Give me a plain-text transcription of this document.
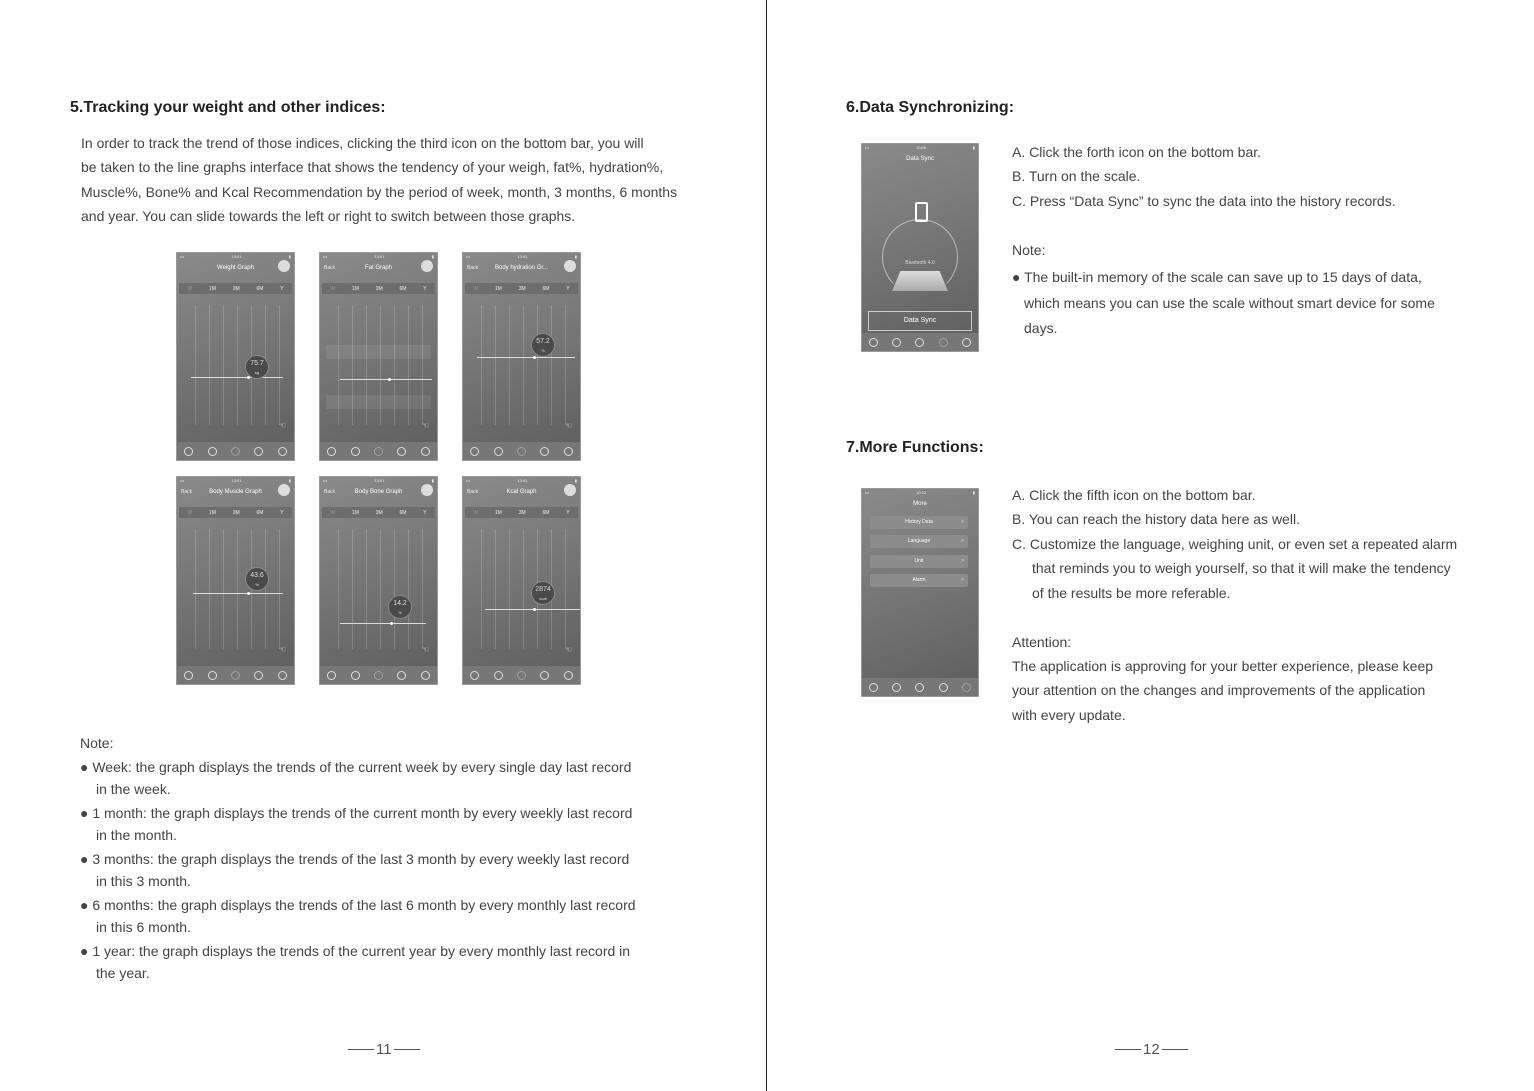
5.Tracking your weight and other indices:
In order to track the trend of those indices, clicking the third icon on the bottom bar, you will
be taken to the line graphs interface that shows the tendency of your weigh, fat%, hydration%,
Muscle%, Bone% and Kcal Recommendation by the period of week, month, 3 months, 6 months
and year. You can slide towards the left or right to switch between those graphs.
•••	13:01	▮
Weight Graph
W	1M	3M	6M	Y
75.7
kg
☜
•••	13:01	▮
Back	Fat Graph
W	1M	3M	6M	Y
☜
•••	13:01	▮
Back	Body hydration Gr...
W	1M	3M	6M	Y
57.2
%
☜
•••	13:01	▮
Back	Body Muscle Graph
W	1M	3M	6M	Y
43.6
%
☜
•••	13:01	▮
Back	Body Bone Graph
W	1M	3M	6M	Y
14.2
%
☜
•••	13:01	▮
Back	Kcal Graph
W	1M	3M	6M	Y
2874
kcal
☜
Note:
● Week: the graph displays the trends of the current week by every single day last record
in the week.
● 1 month: the graph displays the trends of the current month by every weekly last record
in the month.
● 3 months: the graph displays the trends of the last 3 month by every weekly last record
in this 3 month.
● 6 months: the graph displays the trends of the last 6 month by every monthly last record
in this 6 month.
● 1 year: the graph displays the trends of the current year by every monthly last record in
the year.
11
6.Data Synchronizing:
•••	10:08	▮
Data Sync
Bluetooth 4.0
Data Sync
A. Click the forth icon on the bottom bar.
B. Turn on the scale.
C. Press “Data Sync” to sync the data into the history records.
Note:
● The built-in memory of the scale can save up to 15 days of data,
which means you can use the scale without smart device for some
days.
7.More Functions:
•••	10:22	▮
More
History Data >
Language >
Unit >
Alarm >
A. Click the fifth icon on the bottom bar.
B. You can reach the history data here as well.
C. Customize the language, weighing unit, or even set a repeated alarm
that reminds you to weigh yourself, so that it will make the tendency
of the results be more referable.
Attention:
The application is approving for your better experience, please keep
your attention on the changes and improvements of the application
with every update.
12
